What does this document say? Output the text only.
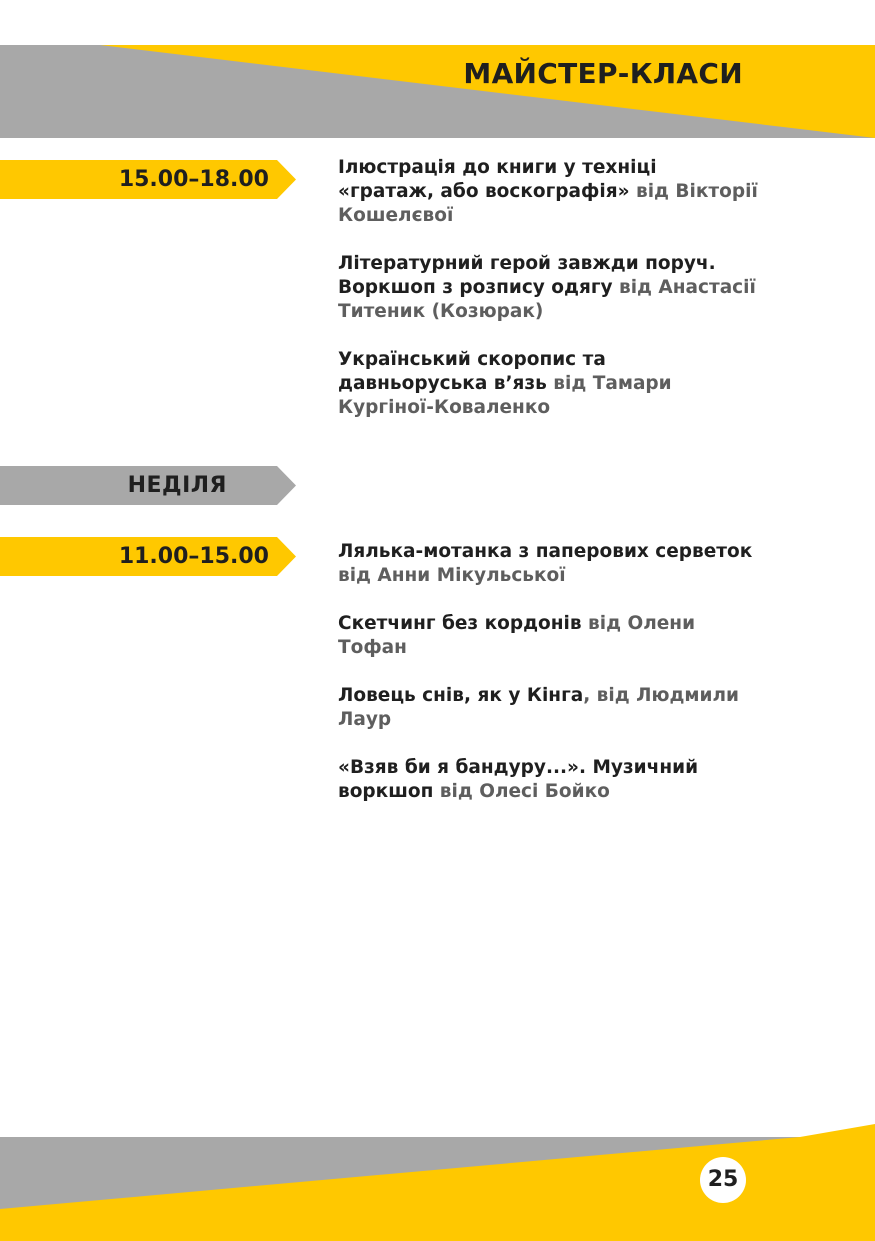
МАЙСТЕР-КЛАСИ
15.00–18.00	Ілюстрація до книги у техніці «гратаж, або воскографія» від Вікторії Кошелєвої
Літературний герой завжди поруч. Воркшоп з розпису одягу від Анастасії Титеник (Козюрак)
Український скоропис та давньоруська в’язь від Тамари Кургіної-Коваленко
НЕДІЛЯ
11.00–15.00	Лялька-мотанка з паперових серветок від Анни Мікульської
Скетчинг без кордонів від Олени Тофан
Ловець снів, як у Кінга, від Людмили Лаур
«Взяв би я бандуру...». Музичний воркшоп від Олесі Бойко
25
